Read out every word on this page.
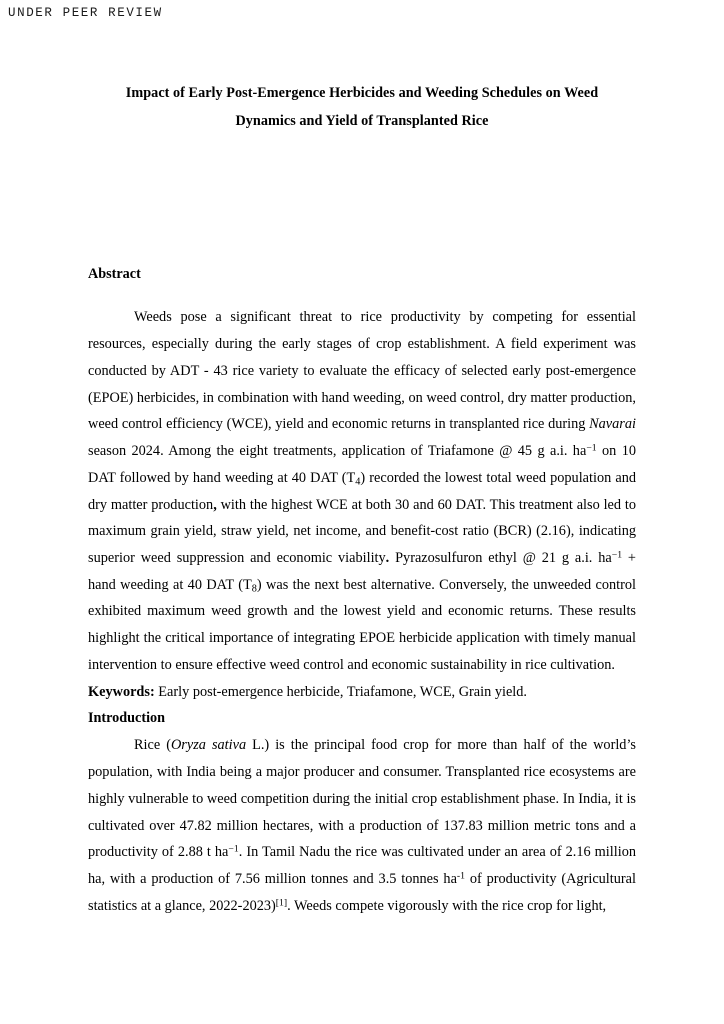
UNDER PEER REVIEW
Impact of Early Post-Emergence Herbicides and Weeding Schedules on Weed Dynamics and Yield of Transplanted Rice
Abstract

Weeds pose a significant threat to rice productivity by competing for essential resources, especially during the early stages of crop establishment. A field experiment was conducted by ADT - 43 rice variety to evaluate the efficacy of selected early post-emergence (EPOE) herbicides, in combination with hand weeding, on weed control, dry matter production, weed control efficiency (WCE), yield and economic returns in transplanted rice during Navarai season 2024. Among the eight treatments, application of Triafamone @ 45 g a.i. $ha^{-1}$ on 10 DAT followed by hand weeding at 40 DAT $(T_4)$ recorded the lowest total weed population and dry matter production, with the highest WCE at both 30 and 60 DAT. This treatment also led to maximum grain yield, straw yield, net income, and benefit-cost ratio (BCR) (2.16), indicating superior weed suppression and economic viability. Pyrazosulfuron ethyl @ 21 g a.i. $ha^{-1}$ + hand weeding at 40 DAT $(T_8)$ was the next best alternative. Conversely, the unweeded control exhibited maximum weed growth and the lowest yield and economic returns. These results highlight the critical importance of integrating EPOE herbicide application with timely manual intervention to ensure effective weed control and economic sustainability in rice cultivation.

Keywords: Early post-emergence herbicide, Triafamone, WCE, Grain yield.

Introduction

Rice (Oryza sativa L.) is the principal food crop for more than half of the world’s population, with India being a major producer and consumer. Transplanted rice ecosystems are highly vulnerable to weed competition during the initial crop establishment phase. In India, it is cultivated over 47.82 million hectares, with a production of 137.83 million metric tons and a productivity of 2.88 t $ha^{-1}$. In Tamil Nadu the rice was cultivated under an area of 2.16 million ha, with a production of 7.56 million tonnes and 3.5 tonnes $ha^{-1}$ of productivity (Agricultural statistics at a glance, 2022-2023)[1]. Weeds compete vigorously with the rice crop for light,
